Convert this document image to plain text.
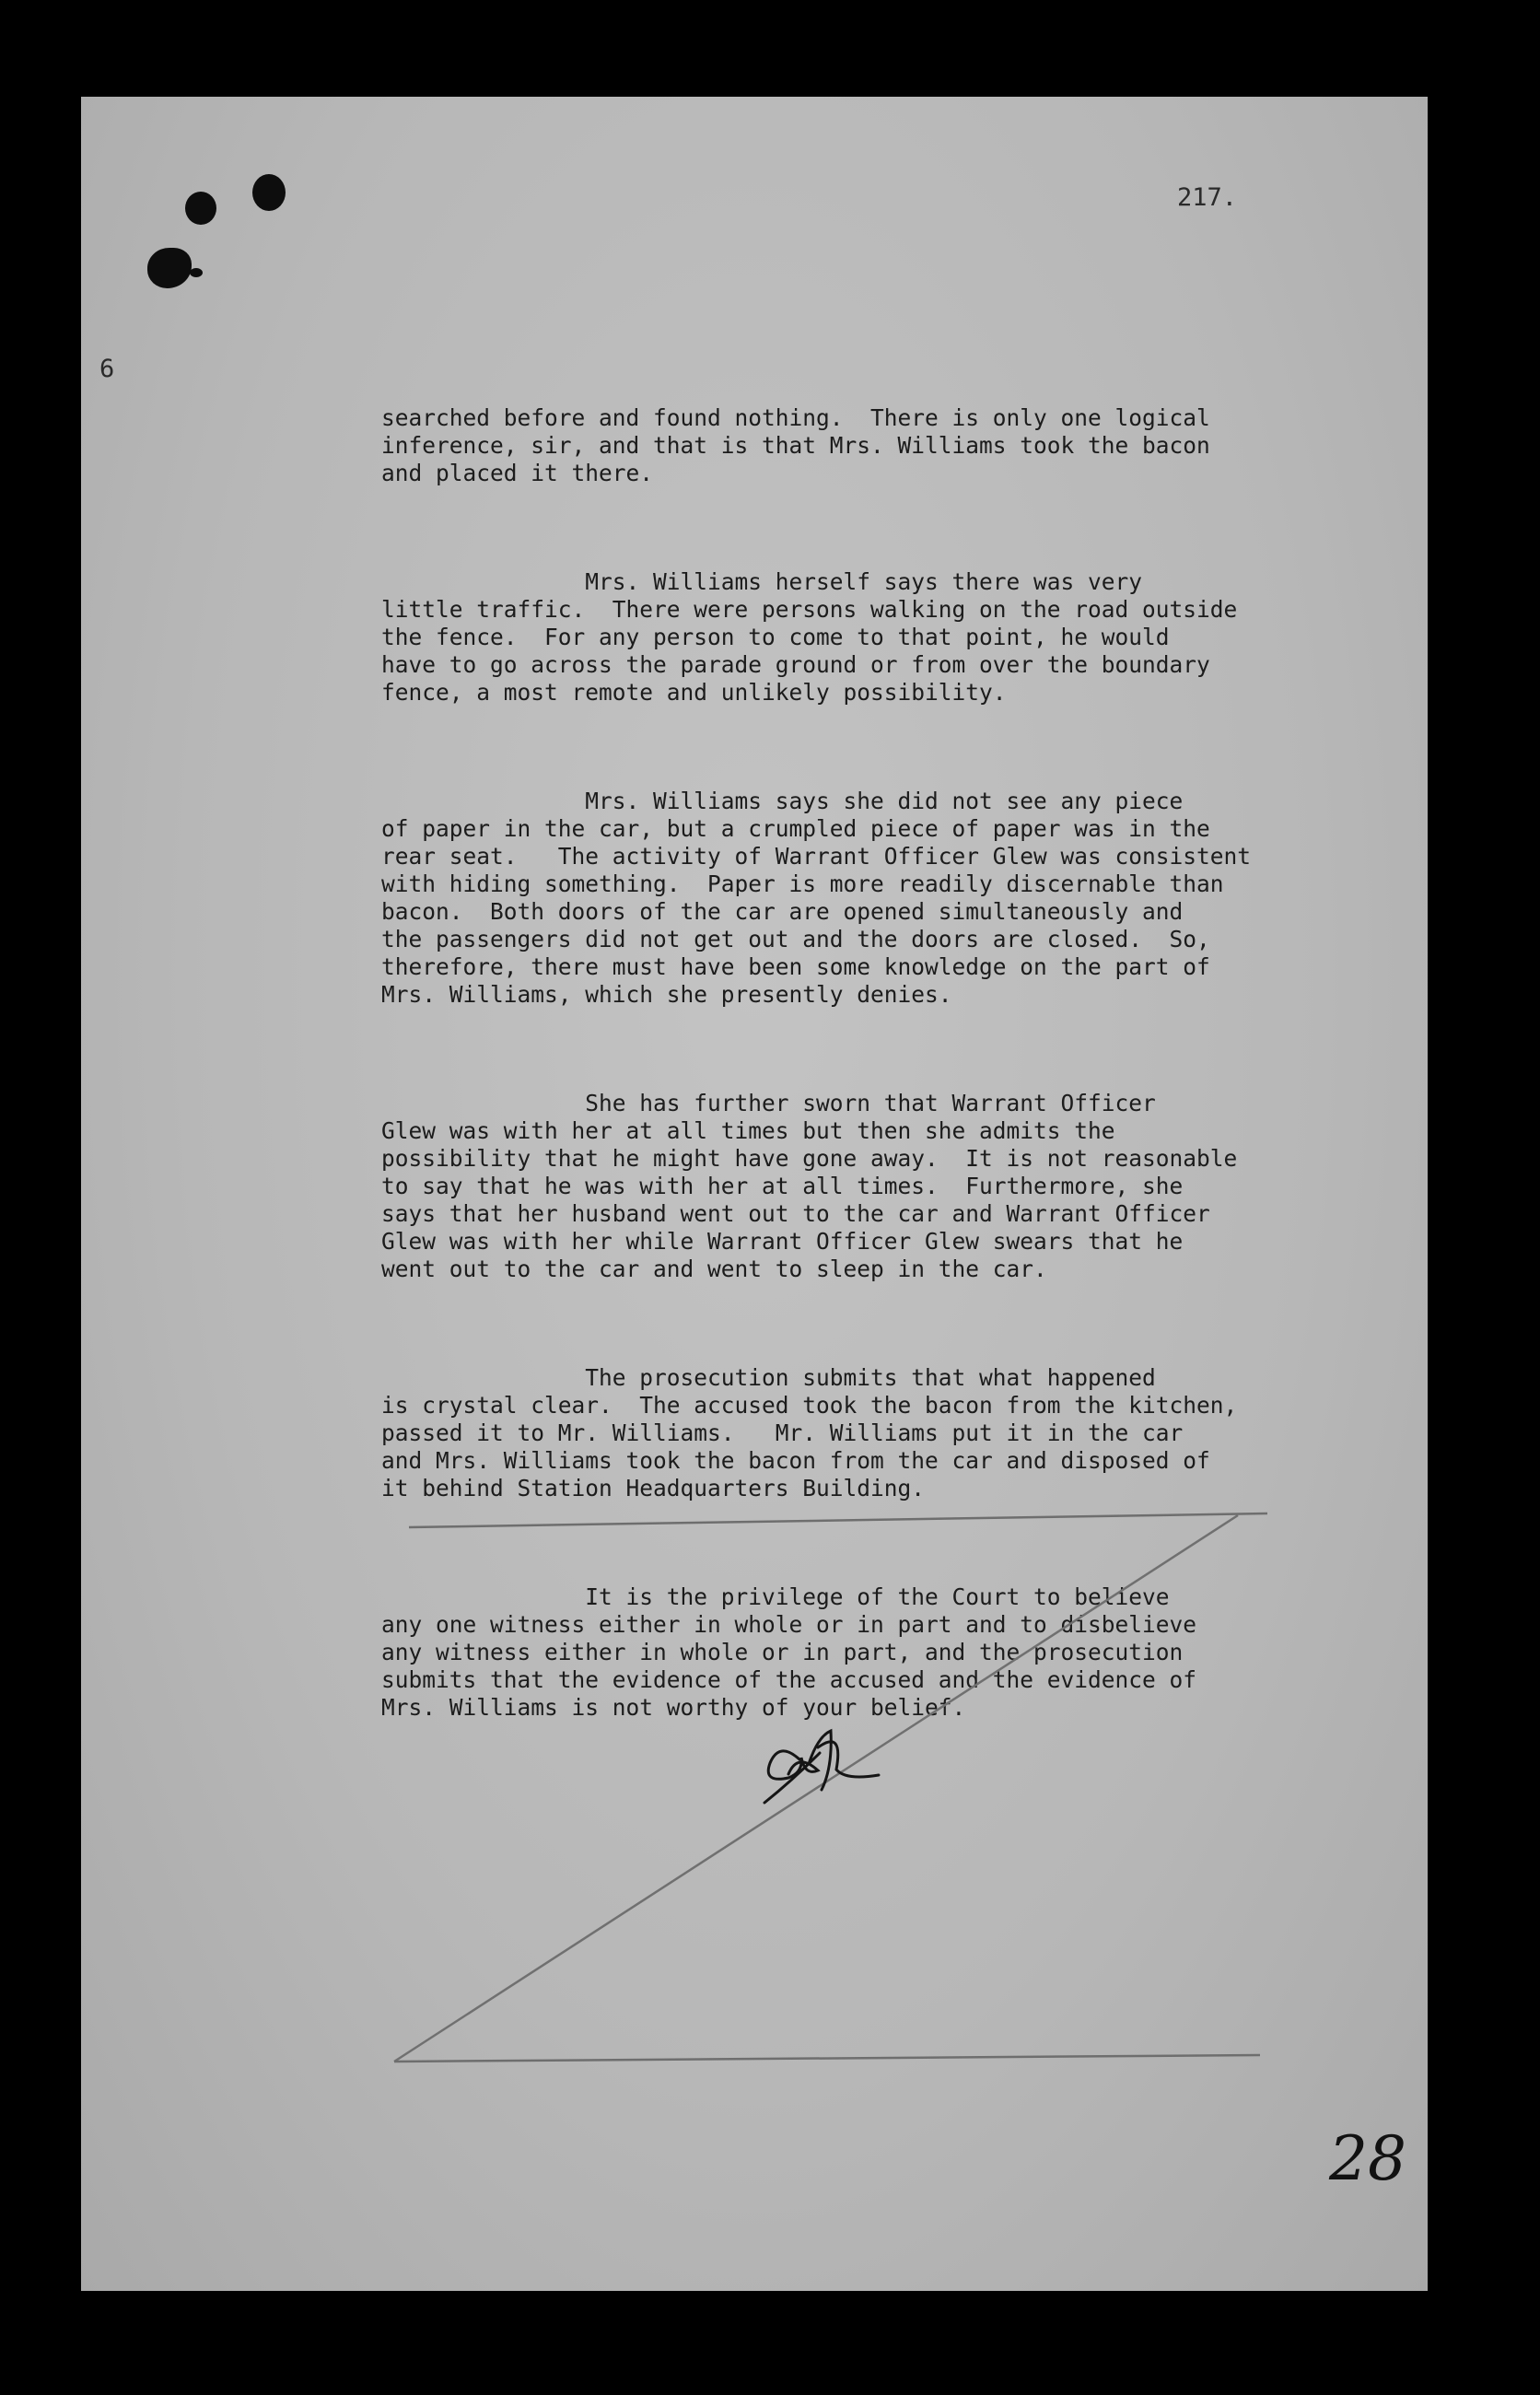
217.
6

searched before and found nothing.  There is only one logical
inference, sir, and that is that Mrs. Williams took the bacon
and placed it there.

Mrs. Williams herself says there was very
little traffic.  There were persons walking on the road outside
the fence.  For any person to come to that point, he would
have to go across the parade ground or from over the boundary
fence, a most remote and unlikely possibility.

Mrs. Williams says she did not see any piece
of paper in the car, but a crumpled piece of paper was in the
rear seat.   The activity of Warrant Officer Glew was consistent
with hiding something.  Paper is more readily discernable than
bacon.  Both doors of the car are opened simultaneously and
the passengers did not get out and the doors are closed.  So,
therefore, there must have been some knowledge on the part of
Mrs. Williams, which she presently denies.

She has further sworn that Warrant Officer
Glew was with her at all times but then she admits the
possibility that he might have gone away.  It is not reasonable
to say that he was with her at all times.  Furthermore, she
says that her husband went out to the car and Warrant Officer
Glew was with her while Warrant Officer Glew swears that he
went out to the car and went to sleep in the car.

The prosecution submits that what happened
is crystal clear.  The accused took the bacon from the kitchen,
passed it to Mr. Williams.   Mr. Williams put it in the car
and Mrs. Williams took the bacon from the car and disposed of
it behind Station Headquarters Building.

It is the privilege of the Court to believe
any one witness either in whole or in part and to disbelieve
any witness either in whole or in part, and the prosecution
submits that the evidence of the accused and the evidence of
Mrs. Williams is not worthy of your belief.

28
